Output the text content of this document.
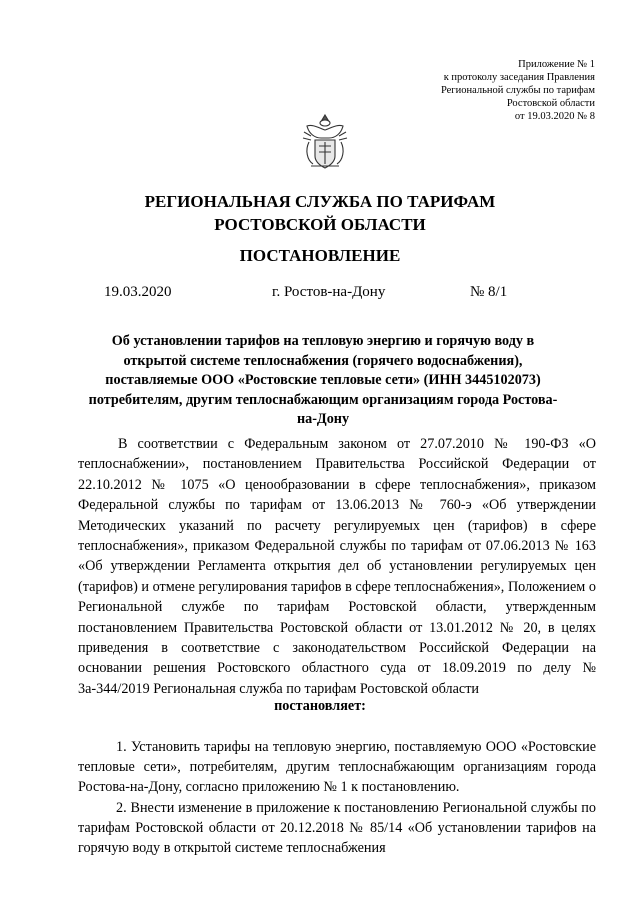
Приложение № 1
к протоколу заседания Правления
Региональной службы по тарифам
Ростовской области
от 19.03.2020 № 8
РЕГИОНАЛЬНАЯ СЛУЖБА ПО ТАРИФАМ
РОСТОВСКОЙ ОБЛАСТИ
ПОСТАНОВЛЕНИЕ
19.03.2020	г. Ростов-на-Дону	№ 8/1
Об установлении тарифов на тепловую энергию и горячую воду в открытой системе теплоснабжения (горячего водоснабжения), поставляемые ООО «Ростовские тепловые сети» (ИНН 3445102073) потребителям, другим теплоснабжающим организациям города Ростова-на-Дону

В соответствии с Федеральным законом от 27.07.2010 № 190-ФЗ «О теплоснабжении», постановлением Правительства Российской Федерации от 22.10.2012 № 1075 «О ценообразовании в сфере теплоснабжения», приказом Федеральной службы по тарифам от 13.06.2013 № 760-э «Об утверждении Методических указаний по расчету регулируемых цен (тарифов) в сфере теплоснабжения», приказом Федеральной службы по тарифам от 07.06.2013 № 163 «Об утверждении Регламента открытия дел об установлении регулируемых цен (тарифов) и отмене регулирования тарифов в сфере теплоснабжения», Положением о Региональной службе по тарифам Ростовской области, утвержденным постановлением Правительства Ростовской области от 13.01.2012 № 20, в целях приведения в соответствие с законодательством Российской Федерации на основании решения Ростовского областного суда от 18.09.2019 по делу № 3а-344/2019 Региональная служба по тарифам Ростовской области

постановляет:

1. Установить тарифы на тепловую энергию, поставляемую ООО «Ростовские тепловые сети», потребителям, другим теплоснабжающим организациям города Ростова-на-Дону, согласно приложению № 1 к постановлению.

2. Внести изменение в приложение к постановлению Региональной службы по тарифам Ростовской области от 20.12.2018 № 85/14 «Об установлении тарифов на горячую воду в открытой системе теплоснабжения
